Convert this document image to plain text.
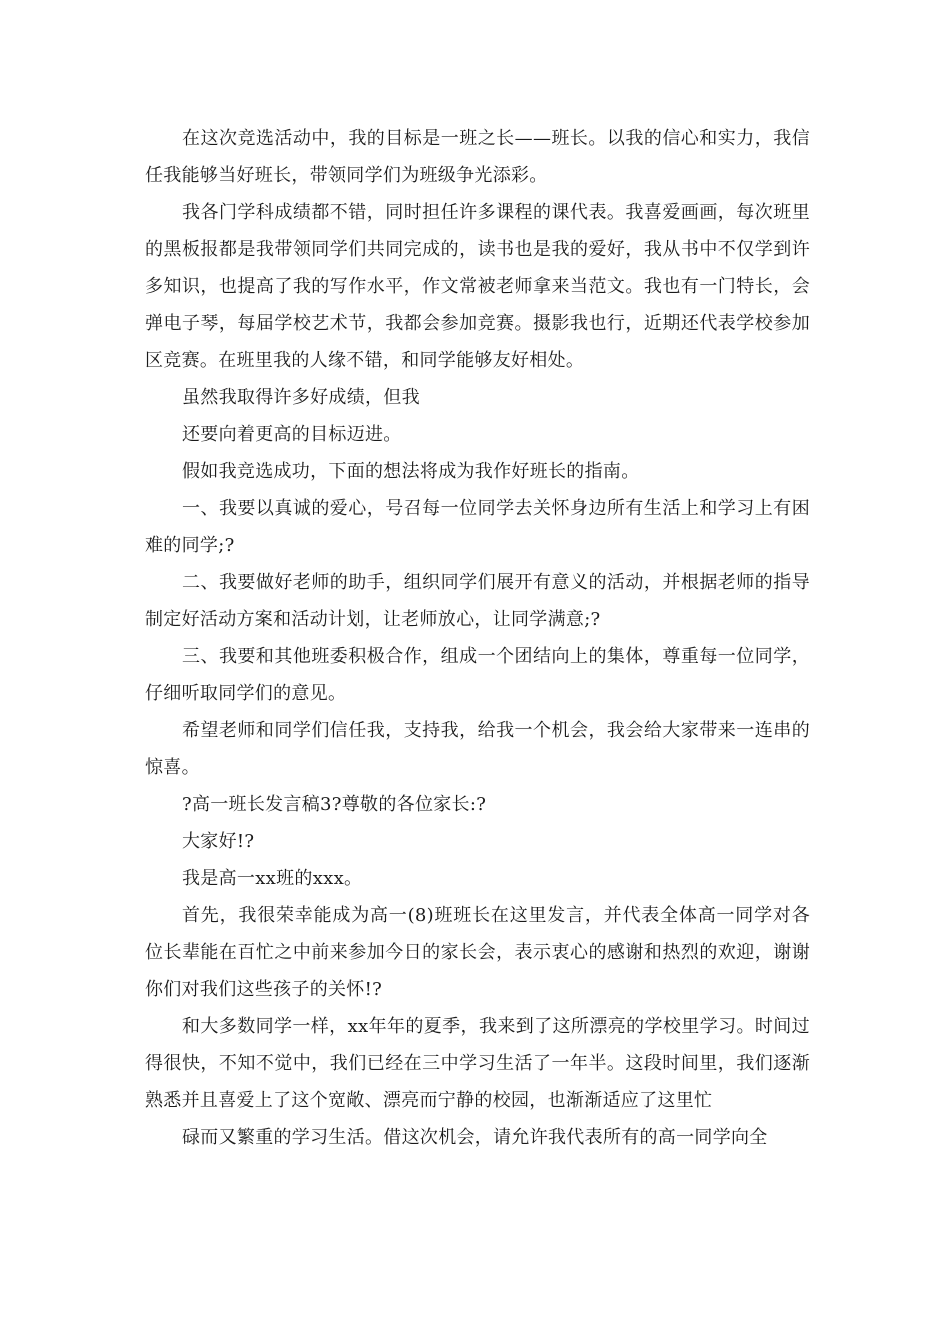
在这次竞选活动中，我的目标是一班之长——班长。以我的信心和实力，我信任我能够当好班长，带领同学们为班级争光添彩。

我各门学科成绩都不错，同时担任许多课程的课代表。我喜爱画画，每次班里的黑板报都是我带领同学们共同完成的，读书也是我的爱好，我从书中不仅学到许多知识，也提高了我的写作水平，作文常被老师拿来当范文。我也有一门特长，会弹电子琴，每届学校艺术节，我都会参加竞赛。摄影我也行，近期还代表学校参加区竞赛。在班里我的人缘不错，和同学能够友好相处。

虽然我取得许多好成绩，但我

还要向着更高的目标迈进。

假如我竞选成功，下面的想法将成为我作好班长的指南。

一、我要以真诚的爱心，号召每一位同学去关怀身边所有生活上和学习上有困难的同学;?

二、我要做好老师的助手，组织同学们展开有意义的活动，并根据老师的指导制定好活动方案和活动计划，让老师放心，让同学满意;?

三、我要和其他班委积极合作，组成一个团结向上的集体，尊重每一位同学，仔细听取同学们的意见。

希望老师和同学们信任我，支持我，给我一个机会，我会给大家带来一连串的惊喜。

?高一班长发言稿3?尊敬的各位家长:?

大家好!?

我是高一xx班的xxx。

首先，我很荣幸能成为高一(8)班班长在这里发言，并代表全体高一同学对各位长辈能在百忙之中前来参加今日的家长会，表示衷心的感谢和热烈的欢迎，谢谢你们对我们这些孩子的关怀!?

和大多数同学一样，xx年年的夏季，我来到了这所漂亮的学校里学习。时间过得很快，不知不觉中，我们已经在三中学习生活了一年半。这段时间里，我们逐渐熟悉并且喜爱上了这个宽敞、漂亮而宁静的校园，也渐渐适应了这里忙

碌而又繁重的学习生活。借这次机会，请允许我代表所有的高一同学向全
